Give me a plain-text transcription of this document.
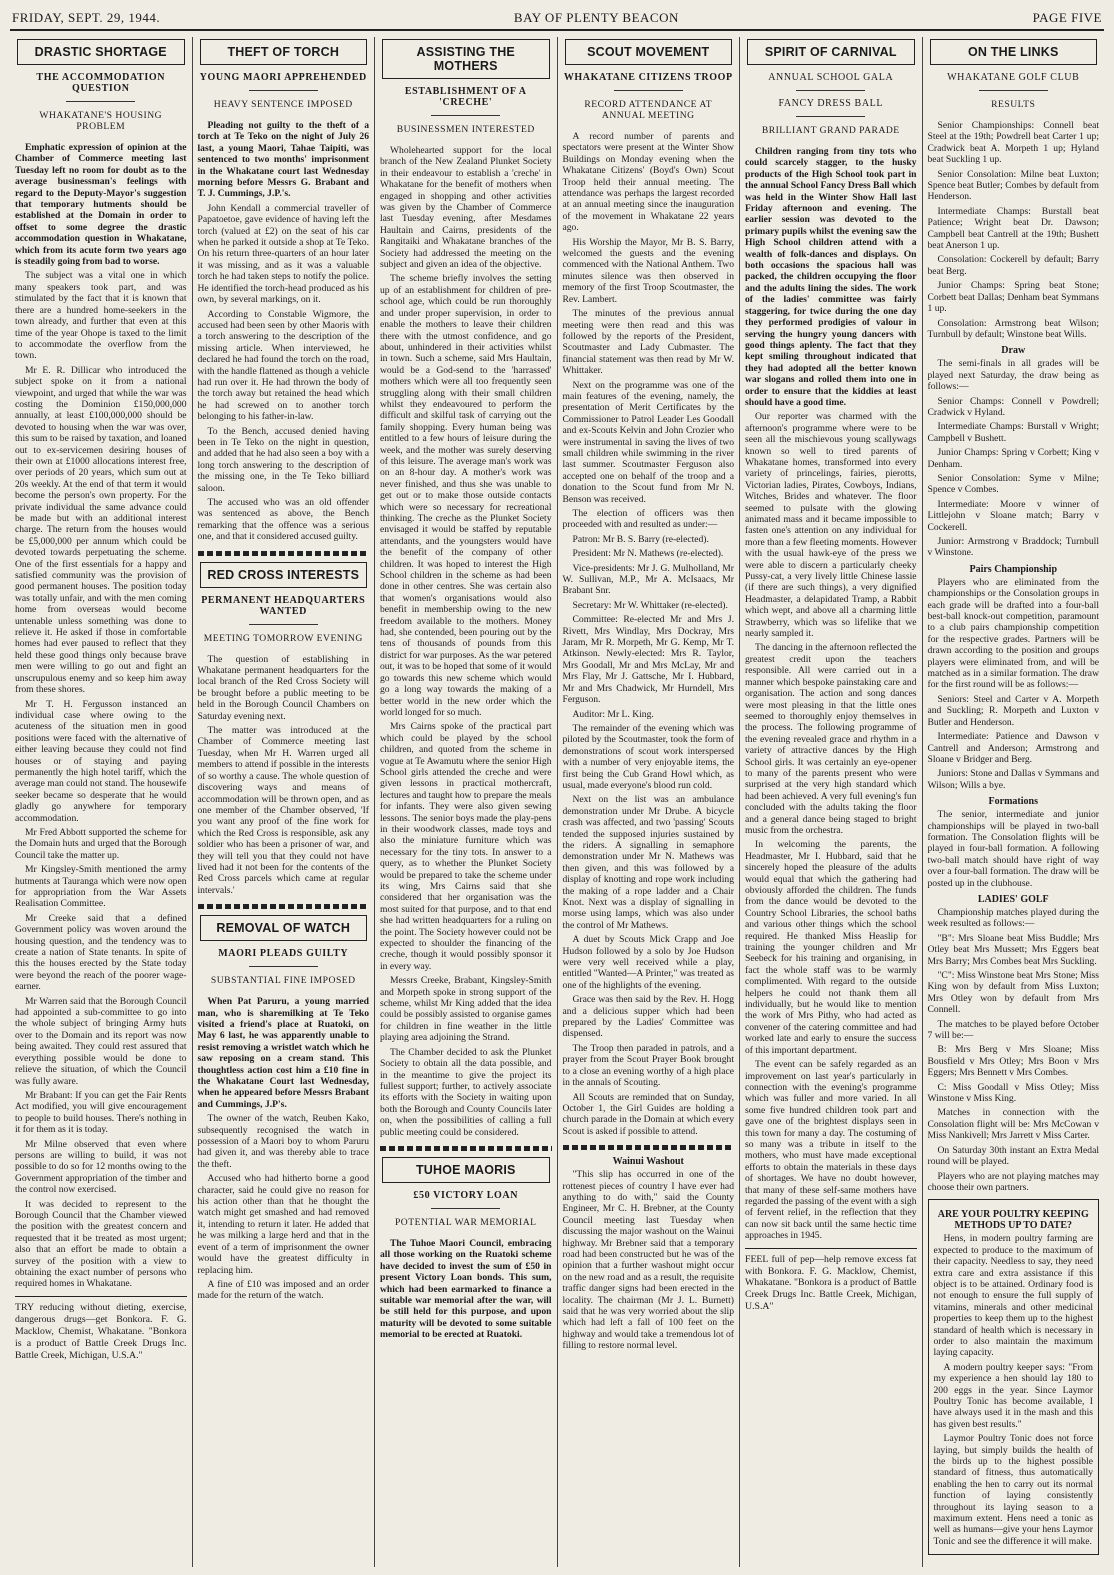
FRIDAY, SEPT. 29, 1944.	BAY OF PLENTY BEACON	PAGE FIVE
DRASTIC SHORTAGE
THE ACCOMMODATION QUESTION
WHAKATANE'S HOUSING PROBLEM

Emphatic expression of opinion at the Chamber of Commerce meeting last Tuesday left no room for doubt as to the average businessman's feelings with regard to the Deputy-Mayor's suggestion that temporary hutments should be established at the Domain in order to offset to some degree the drastic accommodation question in Whakatane, which from its acute form two years ago is steadily going from bad to worse.

The subject was a vital one in which many speakers took part, and was stimulated by the fact that it is known that there are a hundred home-seekers in the town already, and further that even at this time of the year Ohope is taxed to the limit to accommodate the overflow from the town.

Mr E. R. Dillicar who introduced the subject spoke on it from a national viewpoint, and urged that while the war was costing the Dominion £150,000,000 annually, at least £100,000,000 should be devoted to housing when the war was over, this sum to be raised by taxation, and loaned out to ex-servicemen desiring houses of their own at £1000 allocations interest free, over periods of 20 years, which sum out at 20s weekly. At the end of that term it would become the person's own property. For the private individual the same advance could be made but with an additional interest charge. The return from the houses would be £5,000,000 per annum which could be devoted towards perpetuating the scheme. One of the first essentials for a happy and satisfied community was the provision of good permanent houses. The position today was totally unfair, and with the men coming home from overseas would become untenable unless something was done to relieve it. He asked if those in comfortable homes had ever paused to reflect that they held these good things only because brave men were willing to go out and fight an unscrupulous enemy and so keep him away from these shores.

Mr T. H. Fergusson instanced an individual case where owing to the acuteness of the situation men in good positions were faced with the alternative of either leaving because they could not find houses or of staying and paying permanently the high hotel tariff, which the average man could not stand. The housewife seeker became so desperate that he would gladly go anywhere for temporary accommodation.

Mr Fred Abbott supported the scheme for the Domain huts and urged that the Borough Council take the matter up.

Mr Kingsley-Smith mentioned the army hutments at Tauranga which were now open for appropriation from the War Assets Realisation Committee.

Mr Creeke said that a defined Government policy was woven around the housing question, and the tendency was to create a nation of State tenants. In spite of this the houses erected by the State today were beyond the reach of the poorer wage-earner.

Mr Warren said that the Borough Council had appointed a sub-committee to go into the whole subject of bringing Army huts over to the Domain and its report was now being awaited. They could rest assured that everything possible would be done to relieve the situation, of which the Council was fully aware.

Mr Brabant: If you can get the Fair Rents Act modified, you will give encouragement to people to build houses. There's nothing in it for them as it is today.

Mr Milne observed that even where persons are willing to build, it was not possible to do so for 12 months owing to the Government appropriation of the timber and the control now exercised.

It was decided to represent to the Borough Council that the Chamber viewed the position with the greatest concern and requested that it be treated as most urgent; also that an effort be made to obtain a survey of the position with a view to obtaining the exact number of persons who required homes in Whakatane.

TRY reducing without dieting, exercise, dangerous drugs—get Bonkora. F. G. Macklow, Chemist, Whakatane. "Bonkora is a product of Battle Creek Drugs Inc. Battle Creek, Michigan, U.S.A."
THEFT OF TORCH
YOUNG MAORI APPREHENDED
HEAVY SENTENCE IMPOSED

Pleading not guilty to the theft of a torch at Te Teko on the night of July 26 last, a young Maori, Tahae Taipiti, was sentenced to two months' imprisonment in the Whakatane court last Wednesday morning before Messrs G. Brabant and T. J. Cummings, J.P.'s.

John Kendall a commercial traveller of Papatoetoe, gave evidence of having left the torch (valued at £2) on the seat of his car when he parked it outside a shop at Te Teko. On his return three-quarters of an hour later it was missing, and as it was a valuable torch he had taken steps to notify the police. He identified the torch-head produced as his own, by several markings, on it.

According to Constable Wigmore, the accused had been seen by other Maoris with a torch answering to the description of the missing article. When interviewed, he declared he had found the torch on the road, with the handle flattened as though a vehicle had run over it. He had thrown the body of the torch away but retained the head which he had screwed on to another torch belonging to his father-in-law.

To the Bench, accused denied having been in Te Teko on the night in question, and added that he had also seen a boy with a long torch answering to the description of the missing one, in the Te Teko billiard saloon.

The accused who was an old offender was sentenced as above, the Bench remarking that the offence was a serious one, and that it considered accused guilty.

RED CROSS INTERESTS
PERMANENT HEADQUARTERS WANTED
MEETING TOMORROW EVENING

The question of establishing in Whakatane permanent headquarters for the local branch of the Red Cross Society will be brought before a public meeting to be held in the Borough Council Chambers on Saturday evening next.

The matter was introduced at the Chamber of Commerce meeting last Tuesday, when Mr H. Warren urged all members to attend if possible in the interests of so worthy a cause. The whole question of discovering ways and means of accommodation will be thrown open, and as one member of the Chamber observed, 'If you want any proof of the fine work for which the Red Cross is responsible, ask any soldier who has been a prisoner of war, and they will tell you that they could not have lived had it not been for the contents of the Red Cross parcels which came at regular intervals.'

REMOVAL OF WATCH
MAORI PLEADS GUILTY
SUBSTANTIAL FINE IMPOSED

When Pat Paruru, a young married man, who is sharemilking at Te Teko visited a friend's place at Ruatoki, on May 6 last, he was apparently unable to resist removing a wristlet watch which he saw reposing on a cream stand. This thoughtless action cost him a £10 fine in the Whakatane Court last Wednesday, when he appeared before Messrs Brabant and Cummings, J.P's.

The owner of the watch, Reuben Kako, subsequently recognised the watch in possession of a Maori boy to whom Paruru had given it, and was thereby able to trace the theft.

Accused who had hitherto borne a good character, said he could give no reason for his action other than that he thought the watch might get smashed and had removed it, intending to return it later. He added that he was milking a large herd and that in the event of a term of imprisonment the owner would have the greatest difficulty in replacing him.

A fine of £10 was imposed and an order made for the return of the watch.

ASSISTING THE MOTHERS
ESTABLISHMENT OF A 'CRECHE'
BUSINESSMEN INTERESTED

Wholehearted support for the local branch of the New Zealand Plunket Society in their endeavour to establish a 'creche' in Whakatane for the benefit of mothers when engaged in shopping and other activities was given by the Chamber of Commerce last Tuesday evening, after Mesdames Haultain and Cairns, presidents of the Rangitaiki and Whakatane branches of the Society had addressed the meeting on the subject and given an idea of the objective.

The scheme briefly involves the setting up of an establishment for children of pre-school age, which could be run thoroughly and under proper supervision, in order to enable the mothers to leave their children there with the utmost confidence, and go about, unhindered in their activities whilst in town. Such a scheme, said Mrs Haultain, would be a God-send to the 'harrassed' mothers which were all too frequently seen struggling along with their small children whilst they endeavoured to perform the difficult and skilful task of carrying out the family shopping. Every human being was entitled to a few hours of leisure during the week, and the mother was surely deserving of this leisure. The average man's work was on an 8-hour day. A mother's work was never finished, and thus she was unable to get out or to make those outside contacts which were so necessary for recreational thinking. The creche as the Plunket Society envisaged it would be staffed by reputable attendants, and the youngsters would have the benefit of the company of other children. It was hoped to interest the High School children in the scheme as had been done in other centres. She was certain also that women's organisations would also benefit in membership owing to the new freedom available to the mothers. Money had, she contended, been pouring out by the tens of thousands of pounds from this district for war purposes. As the war petered out, it was to be hoped that some of it would go towards this new scheme which would go a long way towards the making of a better world in the new order which the world longed for so much.

Mrs Cairns spoke of the practical part which could be played by the school children, and quoted from the scheme in vogue at Te Awamutu where the senior High School girls attended the creche and were given lessons in practical mothercraft, lectures and taught how to prepare the meals for infants. They were also given sewing lessons. The senior boys made the play-pens in their woodwork classes, made toys and also the miniature furniture which was necessary for the tiny tots. In answer to a query, as to whether the Plunket Society would be prepared to take the scheme under its wing, Mrs Cairns said that she considered that her organisation was the most suited for that purpose, and to that end she had written headquarters for a ruling on the point. The Society however could not be expected to shoulder the financing of the creche, though it would possibly sponsor it in every way.

Messrs Creeke, Brabant, Kingsley-Smith and Morpeth spoke in strong support of the scheme, whilst Mr King added that the idea could be possibly assisted to organise games for children in fine weather in the little playing area adjoining the Strand.

The Chamber decided to ask the Plunket Society to obtain all the data possible, and in the meantime to give the project its fullest support; further, to actively associate its efforts with the Society in waiting upon both the Borough and County Councils later on, when the possibilities of calling a full public meeting could be considered.

TUHOE MAORIS
£50 VICTORY LOAN
POTENTIAL WAR MEMORIAL

The Tuhoe Maori Council, embracing all those working on the Ruatoki scheme have decided to invest the sum of £50 in present Victory Loan bonds. This sum, which had been earmarked to finance a suitable war memorial after the war, will be still held for this purpose, and upon maturity will be devoted to some suitable memorial to be erected at Ruatoki.

SCOUT MOVEMENT
WHAKATANE CITIZENS TROOP
RECORD ATTENDANCE AT ANNUAL MEETING

A record number of parents and spectators were present at the Winter Show Buildings on Monday evening when the Whakatane Citizens' (Boyd's Own) Scout Troop held their annual meeting. The attendance was perhaps the largest recorded at an annual meeting since the inauguration of the movement in Whakatane 22 years ago.

His Worship the Mayor, Mr B. S. Barry, welcomed the guests and the evening commenced with the National Anthem. Two minutes silence was then observed in memory of the first Troop Scoutmaster, the Rev. Lambert.

The minutes of the previous annual meeting were then read and this was followed by the reports of the President, Scoutmaster and Lady Cubmaster. The financial statement was then read by Mr W. Whittaker.

Next on the programme was one of the main features of the evening, namely, the presentation of Merit Certificates by the Commissioner to Patrol Leader Les Goodall and ex-Scouts Kelvin and John Crozier who were instrumental in saving the lives of two small children while swimming in the river last summer. Scoutmaster Ferguson also accepted one on behalf of the troop and a donation to the Scout fund from Mr N. Benson was received.

The election of officers was then proceeded with and resulted as under:—

Patron: Mr B. S. Barry (re-elected).

President: Mr N. Mathews (re-elected).

Vice-presidents: Mr J. G. Mulholland, Mr W. Sullivan, M.P., Mr A. McIsaacs, Mr Brabant Snr.

Secretary: Mr W. Whittaker (re-elected).

Committee: Re-elected Mr and Mrs J. Rivett, Mrs Windlay, Mrs Dockray, Mrs Jaram, Mr R. Morpeth, Mr G. Kemp, Mr T. Atkinson. Newly-elected: Mrs R. Taylor, Mrs Goodall, Mr and Mrs McLay, Mr and Mrs Flay, Mr J. Gattsche, Mr I. Hubbard, Mr and Mrs Chadwick, Mr Hurndell, Mrs Ferguson.

Auditor: Mr L. King.

The remainder of the evening which was piloted by the Scoutmaster, took the form of demonstrations of scout work interspersed with a number of very enjoyable items, the first being the Cub Grand Howl which, as usual, made everyone's blood run cold.

Next on the list was an ambulance demonstration under Mr Drube. A bicycle crash was affected, and two 'passing' Scouts tended the supposed injuries sustained by the riders. A signalling in semaphore demonstration under Mr N. Mathews was then given, and this was followed by a display of knotting and rope work including the making of a rope ladder and a Chair Knot. Next was a display of signalling in morse using lamps, which was also under the control of Mr Mathews.

A duet by Scouts Mick Crapp and Joe Hudson followed by a solo by Joe Hudson were very well received while a play, entitled "Wanted—A Printer," was treated as one of the highlights of the evening.

Grace was then said by the Rev. H. Hogg and a delicious supper which had been prepared by the Ladies' Committee was dispensed.

The Troop then paraded in patrols, and a prayer from the Scout Prayer Book brought to a close an evening worthy of a high place in the annals of Scouting.

All Scouts are reminded that on Sunday, October 1, the Girl Guides are holding a church parade in the Domain at which every Scout is asked if possible to attend.

Wainui Washout

"This slip has occurred in one of the rottenest pieces of country I have ever had anything to do with," said the County Engineer, Mr C. H. Brebner, at the County Council meeting last Tuesday when discussing the major washout on the Wainui highway. Mr Brebner said that a temporary road had been constructed but he was of the opinion that a further washout might occur on the new road and as a result, the requisite traffic danger signs had been erected in the locality. The chairman (Mr J. L. Burnett) said that he was very worried about the slip which had left a fall of 100 feet on the highway and would take a tremendous lot of filling to restore normal level.

SPIRIT OF CARNIVAL
ANNUAL SCHOOL GALA
FANCY DRESS BALL
BRILLIANT GRAND PARADE

Children ranging from tiny tots who could scarcely stagger, to the husky products of the High School took part in the annual School Fancy Dress Ball which was held in the Winter Show Hall last Friday afternoon and evening. The earlier session was devoted to the primary pupils whilst the evening saw the High School children attend with a wealth of folk-dances and displays. On both occasions the spacious hall was packed, the children occupying the floor and the adults lining the sides. The work of the ladies' committee was fairly staggering, for twice during the one day they performed prodigies of valour in serving the hungry young dancers with good things aplenty. The fact that they kept smiling throughout indicated that they had adopted all the better known war slogans and rolled them into one in order to ensure that the kiddies at least should have a good time.

Our reporter was charmed with the afternoon's programme where were to be seen all the mischievous young scallywags known so well to tired parents of Whakatane homes, transformed into every variety of princelings, fairies, pierotts, Victorian ladies, Pirates, Cowboys, Indians, Witches, Brides and whatever. The floor seemed to pulsate with the glowing animated mass and it became impossible to fasten one's attention on any individual for more than a few fleeting moments. However with the usual hawk-eye of the press we were able to discern a particularly cheeky Pussy-cat, a very lively little Chinese lassie (if there are such things), a very dignified Headmaster, a delapidated Tramp, a Rabbit which wept, and above all a charming little Strawberry, which was so lifelike that we nearly sampled it.

The dancing in the afternoon reflected the greatest credit upon the teachers responsible. All were carried out in a manner which bespoke painstaking care and organisation. The action and song dances were most pleasing in that the little ones seemed to thoroughly enjoy themselves in the process. The following programme of the evening revealed grace and rhythm in a variety of attractive dances by the High School girls. It was certainly an eye-opener to many of the parents present who were surprised at the very high standard which had been achieved. A very full evening's fun concluded with the adults taking the floor and a general dance being staged to bright music from the orchestra.

In welcoming the parents, the Headmaster, Mr I. Hubbard, said that he sincerely hoped the pleasure of the adults would equal that which the gathering had obviously afforded the children. The funds from the dance would be devoted to the Country School Libraries, the school baths and various other things which the school required. He thanked Miss Heaslip for training the younger children and Mr Seebeck for his training and organising, in fact the whole staff was to be warmly complimented. With regard to the outside helpers he could not thank them all individually, but he would like to mention the work of Mrs Pithy, who had acted as convener of the catering committee and had worked late and early to ensure the success of this important department.

The event can be safely regarded as an improvement on last year's particularly in connection with the evening's programme which was fuller and more varied. In all some five hundred children took part and gave one of the brightest displays seen in this town for many a day. The costuming of so many was a tribute in itself to the mothers, who must have made exceptional efforts to obtain the materials in these days of shortages. We have no doubt however, that many of these self-same mothers have regarded the passing of the event with a sigh of fervent relief, in the reflection that they can now sit back until the same hectic time approaches in 1945.

FEEL full of pep—help remove excess fat with Bonkora. F. G. Macklow, Chemist, Whakatane. "Bonkora is a product of Battle Creek Drugs Inc. Battle Creek, Michigan, U.S.A"
ON THE LINKS
WHAKATANE GOLF CLUB
RESULTS

Senior Championships: Connell beat Steel at the 19th; Powdrell beat Carter 1 up; Cradwick beat A. Morpeth 1 up; Hyland beat Suckling 1 up.

Senior Consolation: Milne beat Luxton; Spence beat Butler; Combes by default from Henderson.

Intermediate Champs: Burstall beat Patience; Wright beat Dr. Dawson; Campbell beat Cantrell at the 19th; Bushett beat Anerson 1 up.

Consolation: Cockerell by default; Barry beat Berg.

Junior Champs: Spring beat Stone; Corbett beat Dallas; Denham beat Symmans 1 up.

Consolation: Armstrong beat Wilson; Turnbull by default; Winstone beat Wills.

Draw

The semi-finals in all grades will be played next Saturday, the draw being as follows:—

Senior Champs: Connell v Powdrell; Cradwick v Hyland.

Intermediate Champs: Burstall v Wright; Campbell v Bushett.

Junior Champs: Spring v Corbett; King v Denham.

Senior Consolation: Syme v Milne; Spence v Combes.

Intermediate: Moore v winner of Littlejohn v Sloane match; Barry v Cockerell.

Junior: Armstrong v Braddock; Turnbull v Winstone.

Pairs Championship

Players who are eliminated from the championships or the Consolation groups in each grade will be drafted into a four-ball best-ball knock-out competition, paramount to a club pairs championship competition for the respective grades. Partners will be drawn according to the position and groups players were eliminated from, and will be matched as in a similar formation. The draw for the first round will be as follows:—

Seniors: Steel and Carter v A. Morpeth and Suckling; R. Morpeth and Luxton v Butler and Henderson.

Intermediate: Patience and Dawson v Cantrell and Anderson; Armstrong and Sloane v Bridger and Berg.

Juniors: Stone and Dallas v Symmans and Wilson; Wills a bye.

Formations

The senior, intermediate and junior championships will be played in two-ball formation. The Consolation flights will be played in four-ball formation. A following two-ball match should have right of way over a four-ball formation. The draw will be posted up in the clubhouse.

LADIES' GOLF

Championship matches played during the week resulted as follows:—

"B": Mrs Sloane beat Miss Buddle; Mrs Otley beat Mrs Mussett; Mrs Eggers beat Mrs Barry; Mrs Combes beat Mrs Suckling.

"C": Miss Winstone beat Mrs Stone; Miss King won by default from Miss Luxton; Mrs Otley won by default from Mrs Connell.

The matches to be played before October 7 will be:—

B: Mrs Berg v Mrs Sloane; Miss Bousfield v Mrs Otley; Mrs Boon v Mrs Eggers; Mrs Bennett v Mrs Combes.

C: Miss Goodall v Miss Otley; Miss Winstone v Miss King.

Matches in connection with the Consolation flight will be: Mrs McCowan v Miss Nankivell; Mrs Jarrett v Miss Carter.

On Saturday 30th instant an Extra Medal round will be played.

Players who are not playing matches may choose their own partners.

ARE YOUR POULTRY KEEPING METHODS UP TO DATE?

Hens, in modern poultry farming are expected to produce to the maximum of their capacity. Needless to say, they need extra care and extra assistance if this object is to be attained. Ordinary food is not enough to ensure the full supply of vitamins, minerals and other medicinal properties to keep them up to the highest standard of health which is necessary in order to also maintain the maximum laying capacity.

A modern poultry keeper says: "From my experience a hen should lay 180 to 200 eggs in the year. Since Laymor Poultry Tonic has become available, I have always used it in the mash and this has given best results."

Laymor Poultry Tonic does not force laying, but simply builds the health of the birds up to the highest possible standard of fitness, thus automatically enabling the hen to carry out its normal function of laying consistently throughout its laying season to a maximum extent. Hens need a tonic as well as humans—give your hens Laymor Tonic and see the difference it will make.
